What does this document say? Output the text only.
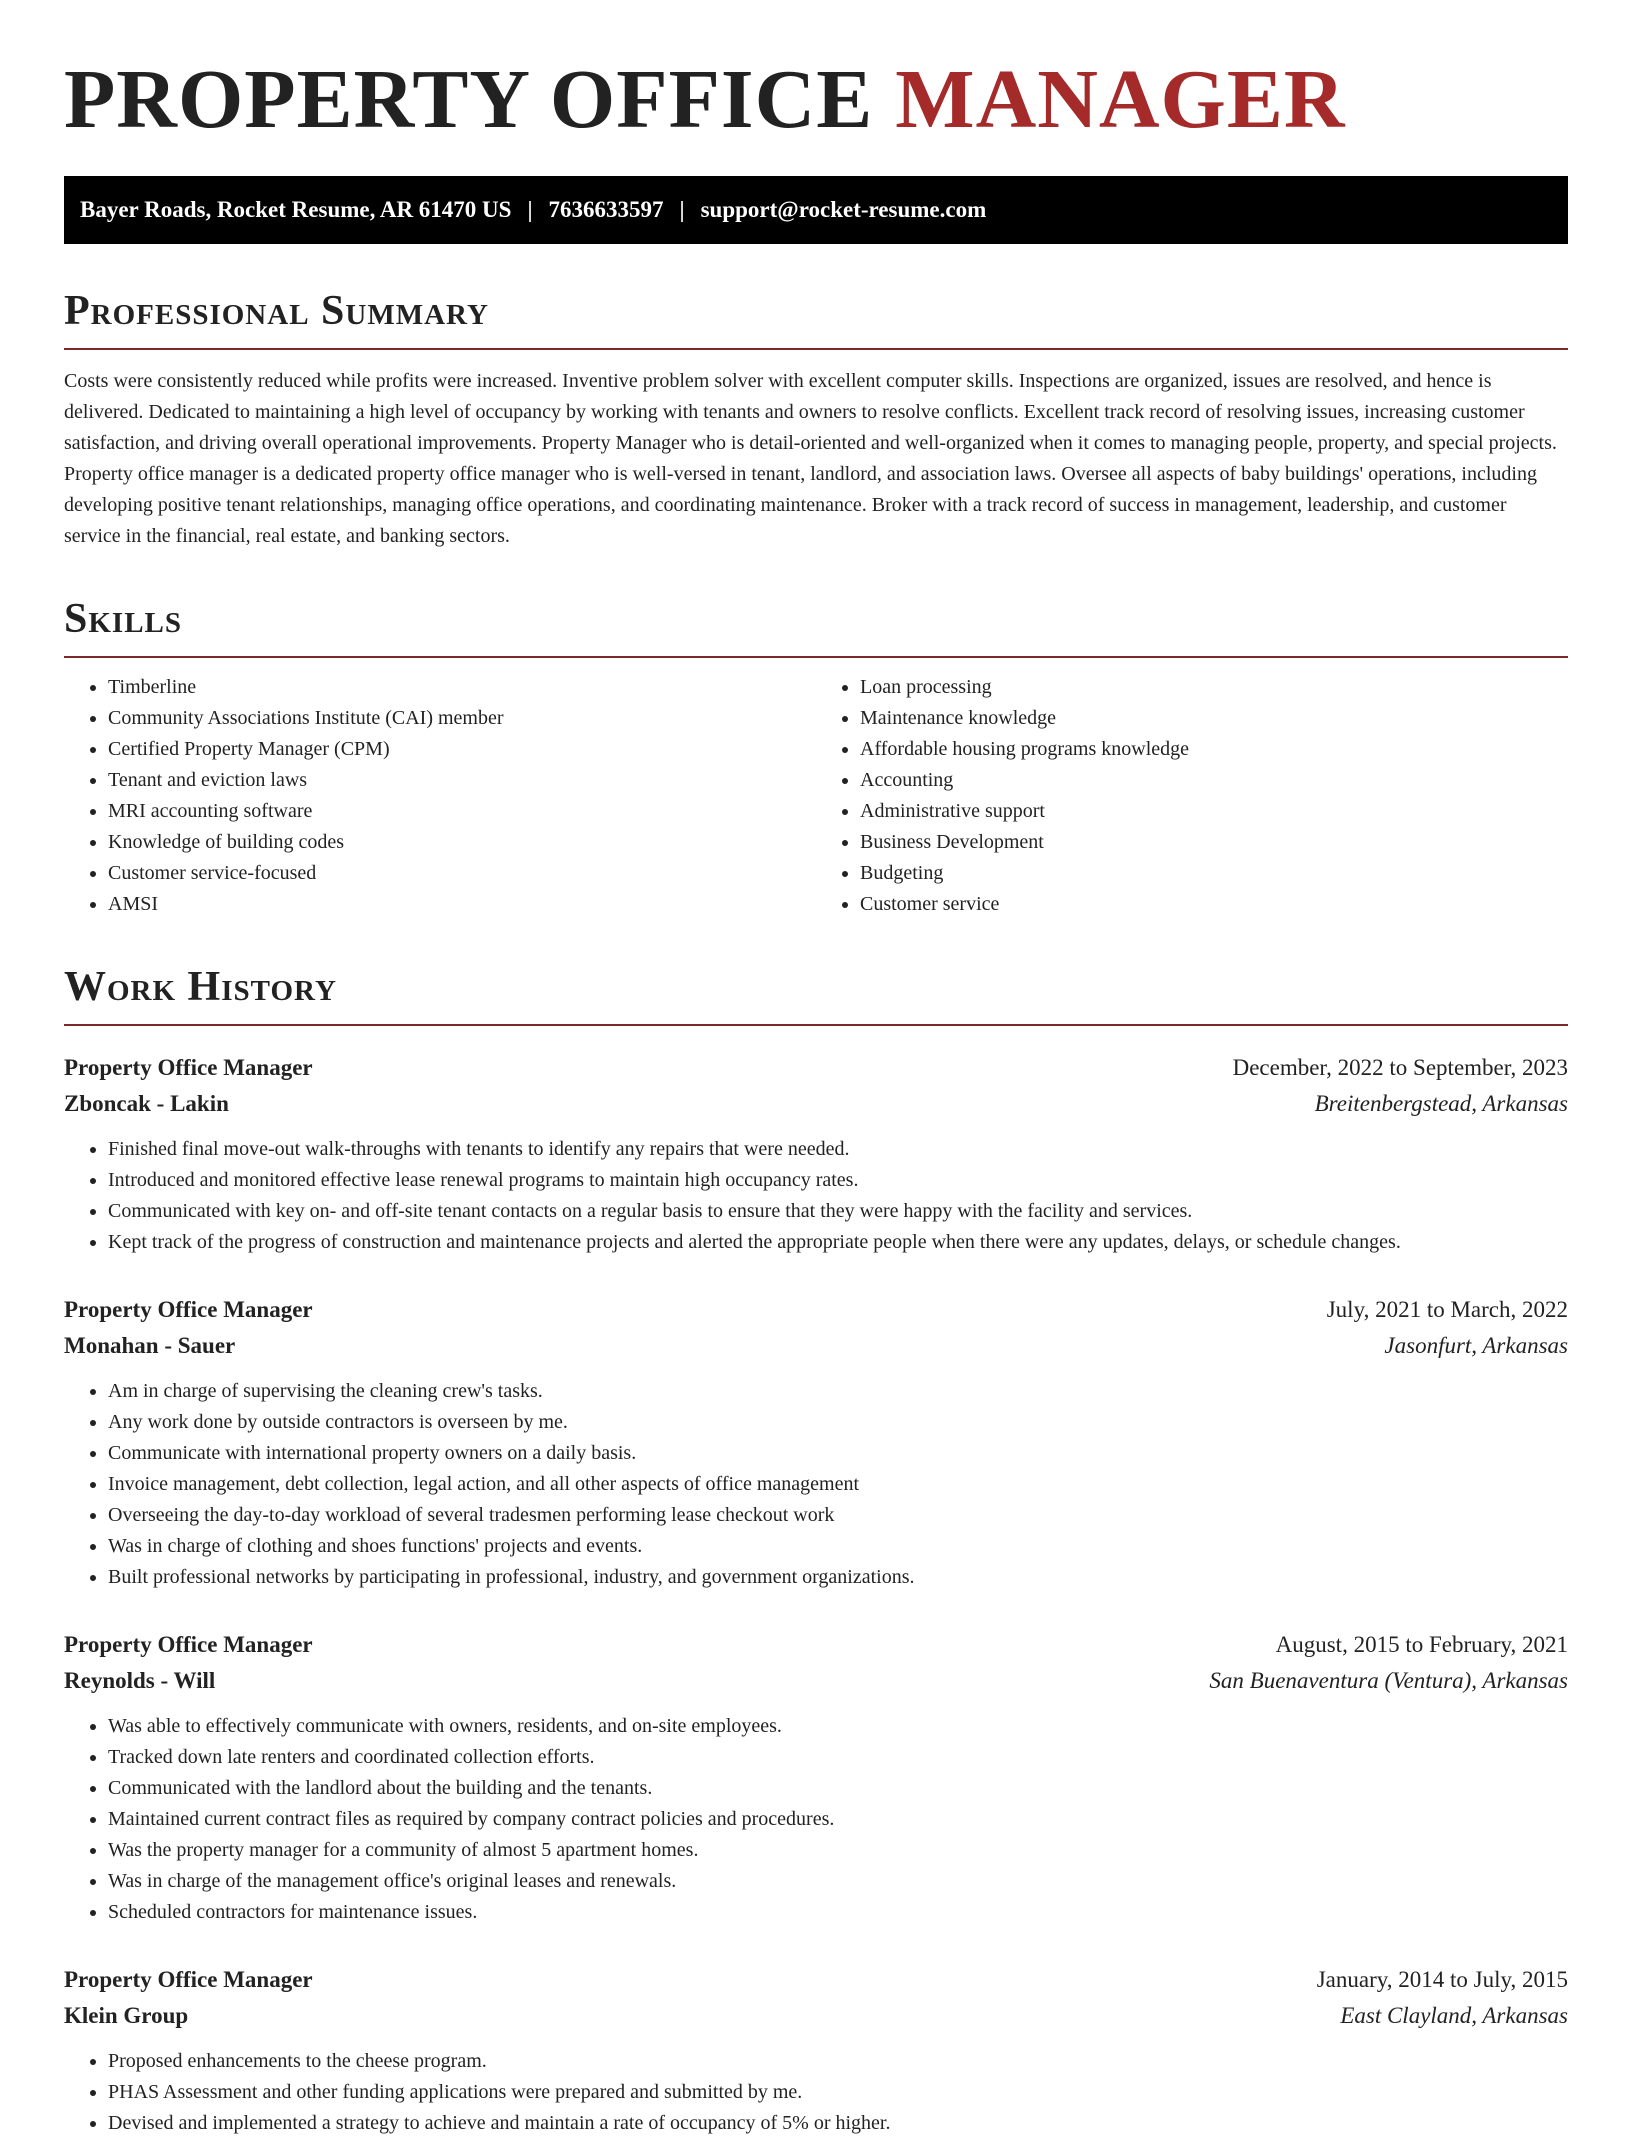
PROPERTY OFFICE MANAGER
Bayer Roads, Rocket Resume, AR 61470 US | 7636633597 | support@rocket-resume.com
Professional Summary

Costs were consistently reduced while profits were increased. Inventive problem solver with excellent computer skills. Inspections are organized, issues are resolved, and hence is delivered. Dedicated to maintaining a high level of occupancy by working with tenants and owners to resolve conflicts. Excellent track record of resolving issues, increasing customer satisfaction, and driving overall operational improvements. Property Manager who is detail-oriented and well-organized when it comes to managing people, property, and special projects. Property office manager is a dedicated property office manager who is well-versed in tenant, landlord, and association laws. Oversee all aspects of baby buildings' operations, including developing positive tenant relationships, managing office operations, and coordinating maintenance. Broker with a track record of success in management, leadership, and customer service in the financial, real estate, and banking sectors.

Skills
• Timberline
• Community Associations Institute (CAI) member
• Certified Property Manager (CPM)
• Tenant and eviction laws
• MRI accounting software
• Knowledge of building codes
• Customer service-focused
• AMSI
• Loan processing
• Maintenance knowledge
• Affordable housing programs knowledge
• Accounting
• Administrative support
• Business Development
• Budgeting
• Customer service
Work History
Property Office Manager	December, 2022 to September, 2023
Zboncak - Lakin	Breitenbergstead, Arkansas
• Finished final move-out walk-throughs with tenants to identify any repairs that were needed.
• Introduced and monitored effective lease renewal programs to maintain high occupancy rates.
• Communicated with key on- and off-site tenant contacts on a regular basis to ensure that they were happy with the facility and services.
• Kept track of the progress of construction and maintenance projects and alerted the appropriate people when there were any updates, delays, or schedule changes.
Property Office Manager	July, 2021 to March, 2022
Monahan - Sauer	Jasonfurt, Arkansas
• Am in charge of supervising the cleaning crew's tasks.
• Any work done by outside contractors is overseen by me.
• Communicate with international property owners on a daily basis.
• Invoice management, debt collection, legal action, and all other aspects of office management
• Overseeing the day-to-day workload of several tradesmen performing lease checkout work
• Was in charge of clothing and shoes functions' projects and events.
• Built professional networks by participating in professional, industry, and government organizations.
Property Office Manager	August, 2015 to February, 2021
Reynolds - Will	San Buenaventura (Ventura), Arkansas
• Was able to effectively communicate with owners, residents, and on-site employees.
• Tracked down late renters and coordinated collection efforts.
• Communicated with the landlord about the building and the tenants.
• Maintained current contract files as required by company contract policies and procedures.
• Was the property manager for a community of almost 5 apartment homes.
• Was in charge of the management office's original leases and renewals.
• Scheduled contractors for maintenance issues.
Property Office Manager	January, 2014 to July, 2015
Klein Group	East Clayland, Arkansas
• Proposed enhancements to the cheese program.
• PHAS Assessment and other funding applications were prepared and submitted by me.
• Devised and implemented a strategy to achieve and maintain a rate of occupancy of 5% or higher.
